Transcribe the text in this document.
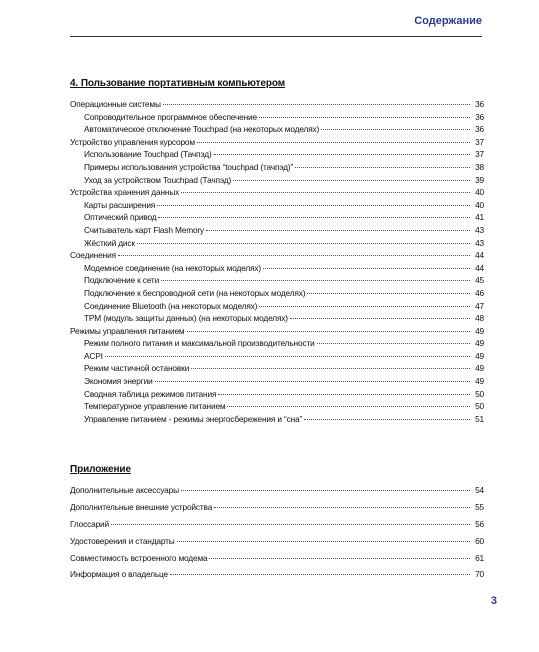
Содержание
4. Пользование портативным компьютером
Операционные системы	36
Сопроводительное программное обеспечение	36
Автоматическое отключение Touchpad (на некоторых моделях)	36
Устройство управления курсором	37
Использование Touchpad (Тачпэд)	37
Примеры использования устройства “touchpad (тачпэд)”	38
Уход за устройством Touchpad (Тачпэд)	39
Устройства хранения данных	40
Карты расширения	40
Оптический привод	41
Считыватель карт Flash Memory	43
Жёсткий диск	43
Соединения	44
Модемное соединение (на некоторых моделях)	44
Подключение к сети	45
Подключение к беспроводной сети (на некоторых моделях)	46
Соединение Bluetooth (на некоторых моделях)	47
TPM (модуль защиты данных) (на некоторых моделях)	48
Режимы управления питанием	49
Режим полного питания и максимальной производительности	49
ACPI	49
Режим частичной остановки	49
Экономия энергии	49
Сводная таблица режимов питания	50
Температурное управление питанием	50
Управление питанием - режимы энергосбережения и “сна”	51
Приложение
Дополнительные аксессуары	54
Дополнительные внешние устройства	55
Глоссарий	56
Удостоверения и стандарты	60
Совместимость встроенного модема	61
Информация о владельце	70
3
